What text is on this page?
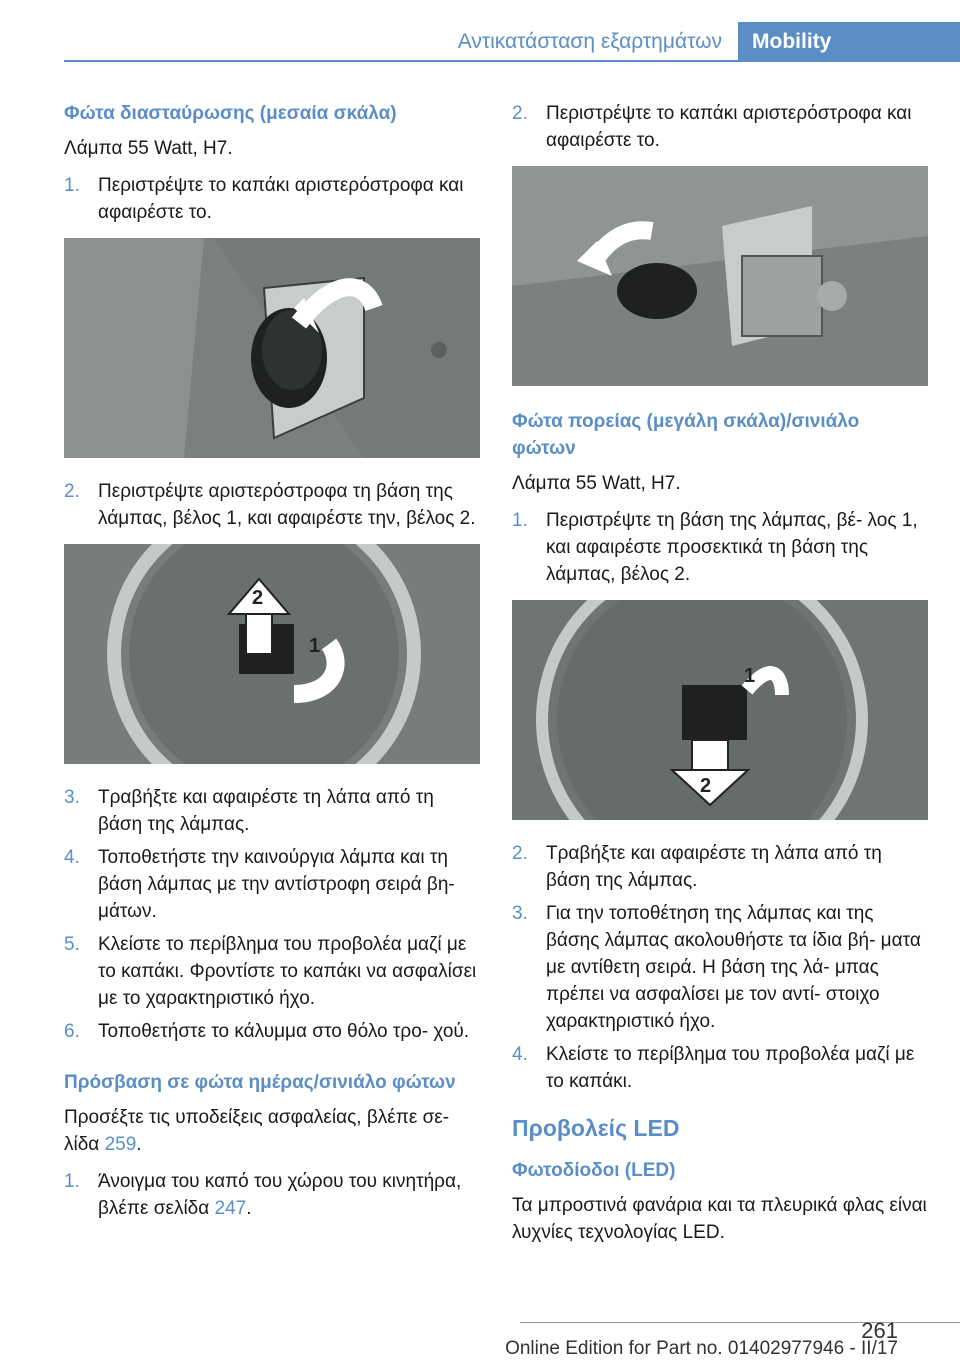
Αντικατάσταση εξαρτημάτων	Mobility
Φώτα διασταύρωσης (μεσαία σκάλα)

Λάμπα 55 Watt, H7.

1. Περιστρέψτε το καπάκι αριστερόστροφα και αφαιρέστε το.
2. Περιστρέψτε αριστερόστροφα τη βάση της λάμπας, βέλος 1, και αφαιρέστε την, βέλος 2.
2
1
3. Τραβήξτε και αφαιρέστε τη λάπα από τη βάση της λάμπας.
4. Τοποθετήστε την καινούργια λάμπα και τη βάση λάμπας με την αντίστροφη σειρά βη‐ μάτων.
5. Κλείστε το περίβλημα του προβολέα μαζί με το καπάκι. Φροντίστε το καπάκι να ασφαλίσει με το χαρακτηριστικό ήχο.
6. Τοποθετήστε το κάλυμμα στο θόλο τρο‐ χού.
Πρόσβαση σε φώτα ημέρας/σινιάλο φώτων

Προσέξτε τις υποδείξεις ασφαλείας, βλέπε σε‐ λίδα 259.

1. Άνοιγμα του καπό του χώρου του κινητήρα, βλέπε σελίδα 247.
2. Περιστρέψτε το καπάκι αριστερόστροφα και αφαιρέστε το.
Φώτα πορείας (μεγάλη σκάλα)/σινιάλο φώτων

Λάμπα 55 Watt, H7.

1. Περιστρέψτε τη βάση της λάμπας, βέ‐ λος 1, και αφαιρέστε προσεκτικά τη βάση της λάμπας, βέλος 2.
1
2
2. Τραβήξτε και αφαιρέστε τη λάπα από τη βάση της λάμπας.
3. Για την τοποθέτηση της λάμπας και της βάσης λάμπας ακολουθήστε τα ίδια βή‐ ματα με αντίθετη σειρά. Η βάση της λά‐ μπας πρέπει να ασφαλίσει με τον αντί‐ στοιχο χαρακτηριστικό ήχο.
4. Κλείστε το περίβλημα του προβολέα μαζί με το καπάκι.
Προβολείς LED
Φωτοδίοδοι (LED)

Τα μπροστινά φανάρια και τα πλευρικά φλας είναι λυχνίες τεχνολογίας LED.

261
Online Edition for Part no. 01402977946 - II/17
